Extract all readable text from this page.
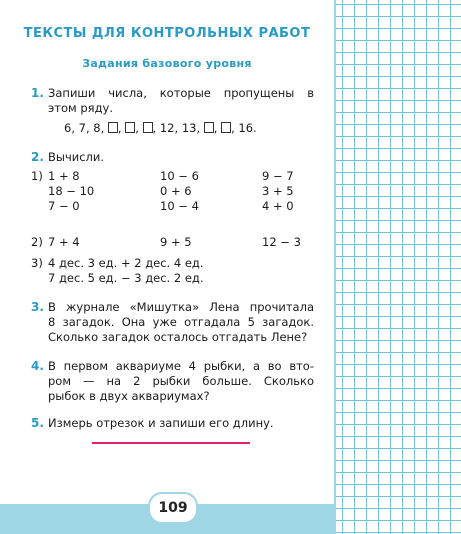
ТЕКСТЫ ДЛЯ КОНТРОЛЬНЫХ РАБОТ
Задания базового уровня
1. Запиши числа, которые пропущены в
этом ряду.
6, 7, 8, , , , 12, 13, , , 16.
2. Вычисли.
1) 1 + 8
18 − 10
7 − 0
10 − 6
0 + 6
10 − 4
9 − 7
3 + 5
4 + 0
2) 7 + 4	9 + 5	12 − 3
3) 4 дес. 3 ед. + 2 дес. 4 ед.
7 дес. 5 ед. − 3 дес. 2 ед.
3. В журнале «Мишутка» Лена прочитала
8 загадок. Она уже отгадала 5 загадок.
Сколько загадок осталось отгадать Лене?
4. В первом аквариуме 4 рыбки, а во вто-
ром — на 2 рыбки больше. Сколько
рыбок в двух аквариумах?
5. Измерь отрезок и запиши его длину.
109
